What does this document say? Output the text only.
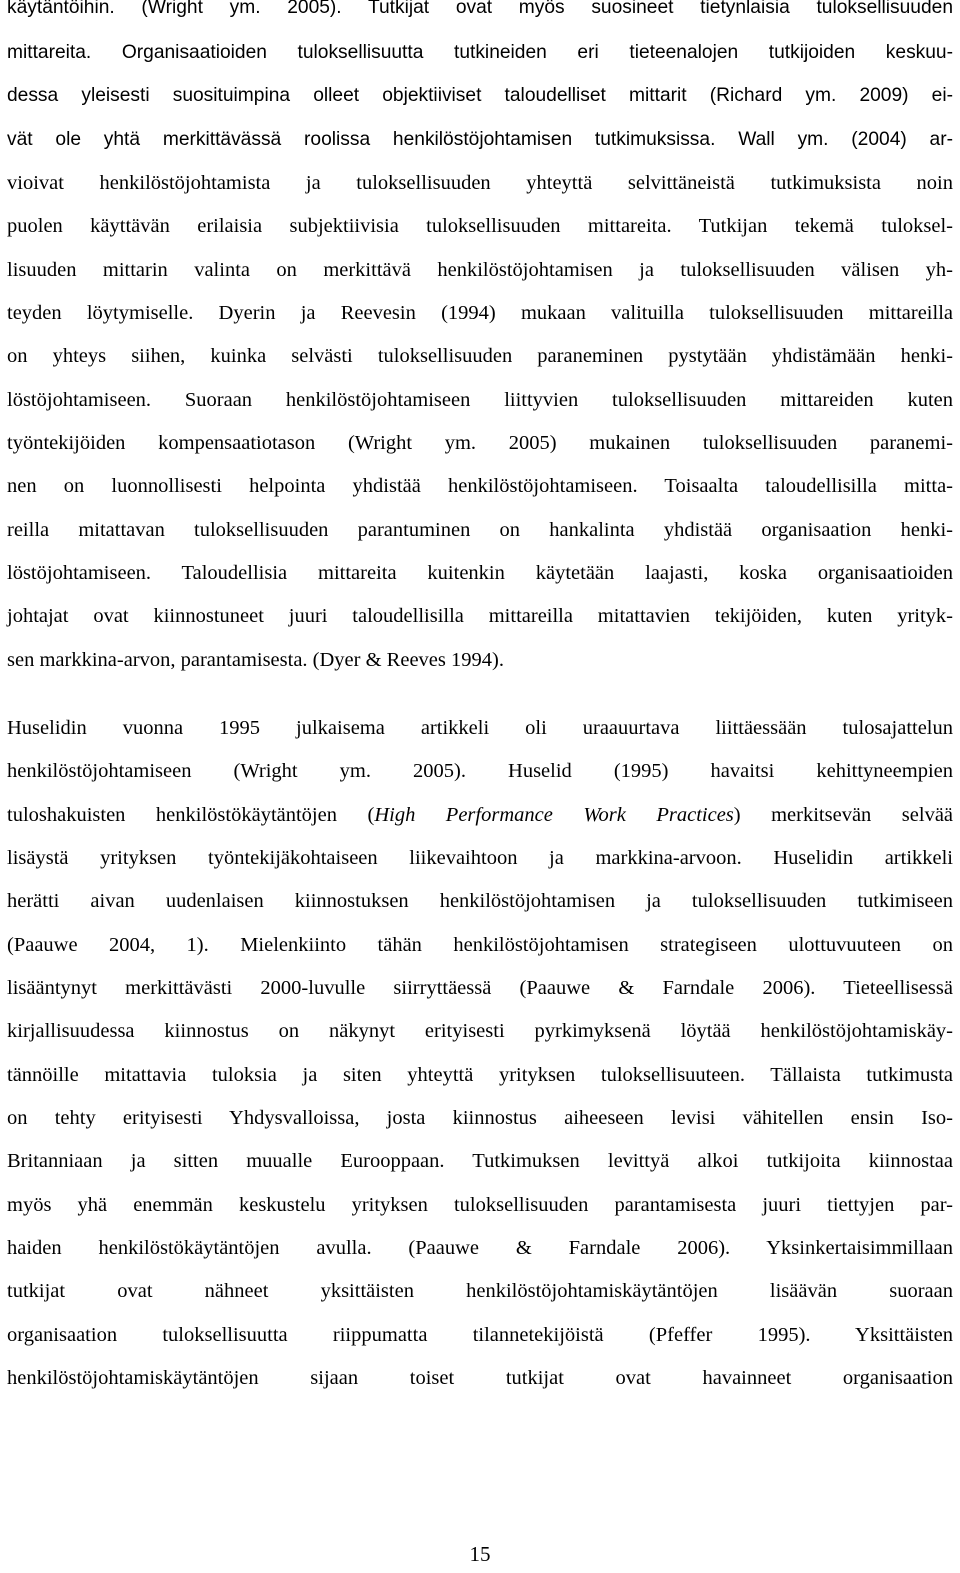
käytäntöihin. (Wright ym. 2005). Tutkijat ovat myös suosineet tietynlaisia tuloksellisuuden
mittareita. Organisaatioiden tuloksellisuutta tutkineiden eri tieteenalojen tutkijoiden keskuu-
dessa yleisesti suosituimpina olleet objektiiviset taloudelliset mittarit (Richard ym. 2009) ei-
vät ole yhtä merkittävässä roolissa henkilöstöjohtamisen tutkimuksissa. Wall ym. (2004) ar-
vioivat henkilöstöjohtamista ja tuloksellisuuden yhteyttä selvittäneistä tutkimuksista noin
puolen käyttävän erilaisia subjektiivisia tuloksellisuuden mittareita. Tutkijan tekemä tuloksel-
lisuuden mittarin valinta on merkittävä henkilöstöjohtamisen ja tuloksellisuuden välisen yh-
teyden löytymiselle. Dyerin ja Reevesin (1994) mukaan valituilla tuloksellisuuden mittareilla
on yhteys siihen, kuinka selvästi tuloksellisuuden paraneminen pystytään yhdistämään henki-
löstöjohtamiseen. Suoraan henkilöstöjohtamiseen liittyvien tuloksellisuuden mittareiden kuten
työntekijöiden kompensaatiotason (Wright ym. 2005) mukainen tuloksellisuuden paranemi-
nen on luonnollisesti helpointa yhdistää henkilöstöjohtamiseen. Toisaalta taloudellisilla mitta-
reilla mitattavan tuloksellisuuden parantuminen on hankalinta yhdistää organisaation henki-
löstöjohtamiseen. Taloudellisia mittareita kuitenkin käytetään laajasti, koska organisaatioiden
johtajat ovat kiinnostuneet juuri taloudellisilla mittareilla mitattavien tekijöiden, kuten yrityk-
sen markkina-arvon, parantamisesta. (Dyer & Reeves 1994).
Huselidin vuonna 1995 julkaisema artikkeli oli uraauurtava liittäessään tulosajattelun
henkilöstöjohtamiseen (Wright ym. 2005). Huselid (1995) havaitsi kehittyneempien
tuloshakuisten henkilöstökäytäntöjen (High Performance Work Practices) merkitsevän selvää
lisäystä yrityksen työntekijäkohtaiseen liikevaihtoon ja markkina-arvoon. Huselidin artikkeli
herätti aivan uudenlaisen kiinnostuksen henkilöstöjohtamisen ja tuloksellisuuden tutkimiseen
(Paauwe 2004, 1). Mielenkiinto tähän henkilöstöjohtamisen strategiseen ulottuvuuteen on
lisääntynyt merkittävästi 2000-luvulle siirryttäessä (Paauwe & Farndale 2006). Tieteellisessä
kirjallisuudessa kiinnostus on näkynyt erityisesti pyrkimyksenä löytää henkilöstöjohtamiskäy-
tännöille mitattavia tuloksia ja siten yhteyttä yrityksen tuloksellisuuteen. Tällaista tutkimusta
on tehty erityisesti Yhdysvalloissa, josta kiinnostus aiheeseen levisi vähitellen ensin Iso-
Britanniaan ja sitten muualle Eurooppaan. Tutkimuksen levittyä alkoi tutkijoita kiinnostaa
myös yhä enemmän keskustelu yrityksen tuloksellisuuden parantamisesta juuri tiettyjen par-
haiden henkilöstökäytäntöjen avulla. (Paauwe & Farndale 2006). Yksinkertaisimmillaan
tutkijat ovat nähneet yksittäisten henkilöstöjohtamiskäytäntöjen lisäävän suoraan
organisaation tuloksellisuutta riippumatta tilannetekijöistä (Pfeffer 1995). Yksittäisten
henkilöstöjohtamiskäytäntöjen sijaan toiset tutkijat ovat havainneet organisaation
15
